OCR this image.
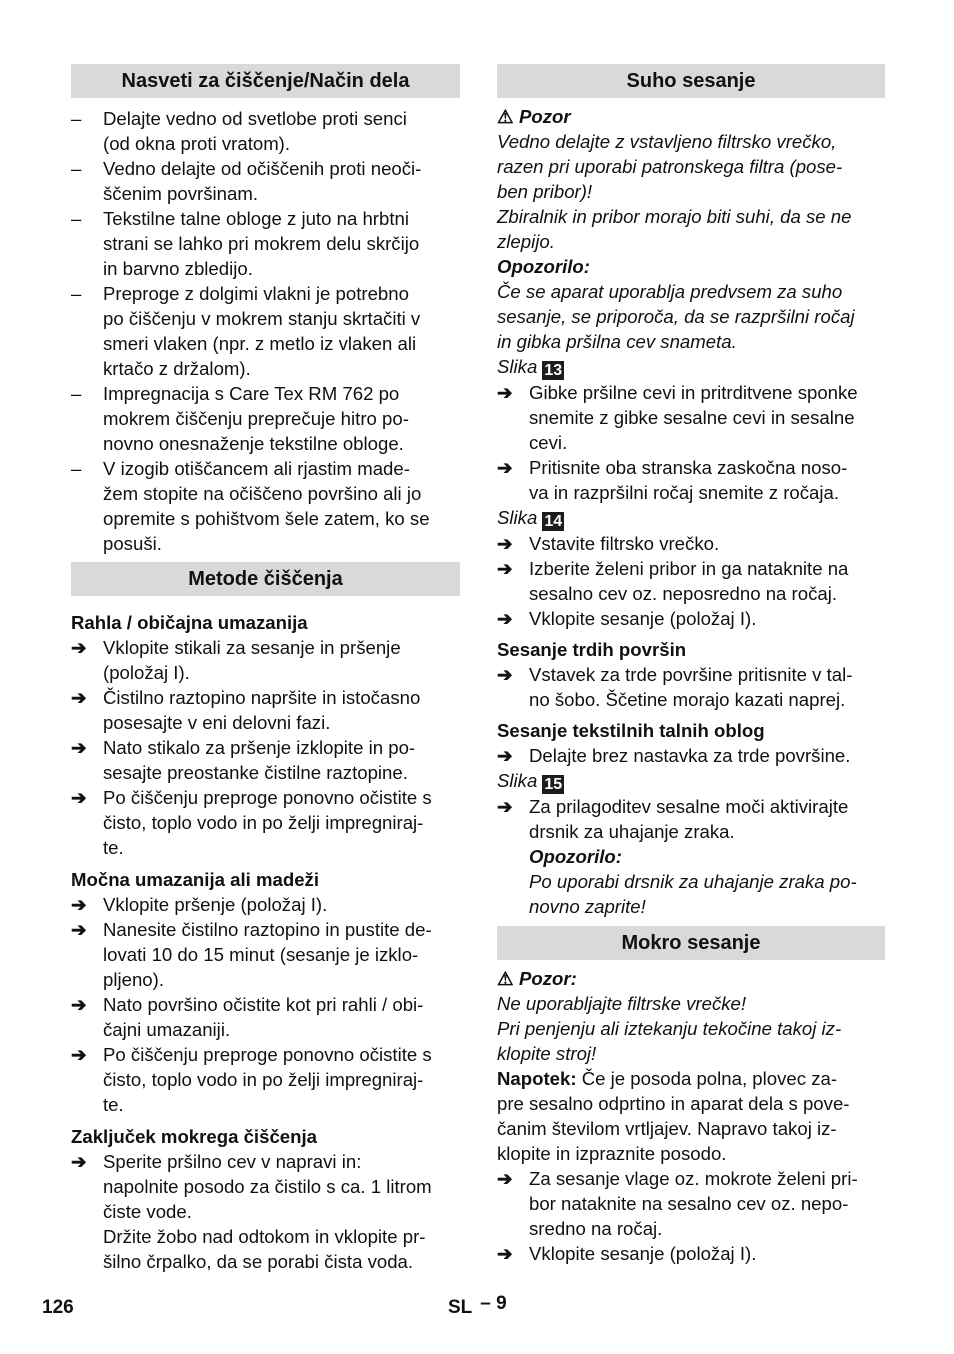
Nasveti za čiščenje/Način dela
– Delajte vedno od svetlobe proti senci
(od okna proti vratom).
– Vedno delajte od očiščenih proti neoči-
ščenim površinam.
– Tekstilne talne obloge z juto na hrbtni
strani se lahko pri mokrem delu skrčijo
in barvno zbledijo.
– Preproge z dolgimi vlakni je potrebno
po čiščenju v mokrem stanju skrtačiti v
smeri vlaken (npr. z metlo iz vlaken ali
krtačo z držalom).
– Impregnacija s Care Tex RM 762 po
mokrem čiščenju preprečuje hitro po-
novno onesnaženje tekstilne obloge.
– V izogib otiščancem ali rjastim made-
žem stopite na očiščeno površino ali jo
opremite s pohištvom šele zatem, ko se
posuši.
Metode čiščenja
Rahla / običajna umazanija
➔ Vklopite stikali za sesanje in pršenje
(položaj I).
➔ Čistilno raztopino napršite in istočasno
posesajte v eni delovni fazi.
➔ Nato stikalo za pršenje izklopite in po-
sesajte preostanke čistilne raztopine.
➔ Po čiščenju preproge ponovno očistite s
čisto, toplo vodo in po želji impregniraj-
te.
Močna umazanija ali madeži
➔ Vklopite pršenje (položaj I).
➔ Nanesite čistilno raztopino in pustite de-
lovati 10 do 15 minut (sesanje je izklo-
pljeno).
➔ Nato površino očistite kot pri rahli / obi-
čajni umazaniji.
➔ Po čiščenju preproge ponovno očistite s
čisto, toplo vodo in po želji impregniraj-
te.
Zaključek mokrega čiščenja
➔ Sperite pršilno cev v napravi in:
napolnite posodo za čistilo s ca. 1 litrom
čiste vode.
Držite žobo nad odtokom in vklopite pr-
šilno črpalko, da se porabi čista voda.
Suho sesanje
⚠ Pozor
Vedno delajte z vstavljeno filtrsko vrečko,
razen pri uporabi patronskega filtra (pose-
ben pribor)!
Zbiralnik in pribor morajo biti suhi, da se ne
zlepijo.
Opozorilo:
Če se aparat uporablja predvsem za suho
sesanje, se priporoča, da se razpršilni ročaj
in gibka pršilna cev snameta.
Slika 13
➔ Gibke pršilne cevi in pritrditvene sponke
snemite z gibke sesalne cevi in sesalne
cevi.
➔ Pritisnite oba stranska zaskočna noso-
va in razpršilni ročaj snemite z ročaja.
Slika 14
➔ Vstavite filtrsko vrečko.
➔ Izberite želeni pribor in ga nataknite na
sesalno cev oz. neposredno na ročaj.
➔ Vklopite sesanje (položaj I).
Sesanje trdih površin
➔ Vstavek za trde površine pritisnite v tal-
no šobo. Ščetine morajo kazati naprej.
Sesanje tekstilnih talnih oblog
➔ Delajte brez nastavka za trde površine.
Slika 15
➔ Za prilagoditev sesalne moči aktivirajte
drsnik za uhajanje zraka.
Opozorilo:
Po uporabi drsnik za uhajanje zraka po-
novno zaprite!
Mokro sesanje
⚠ Pozor:
Ne uporabljajte filtrske vrečke!
Pri penjenju ali iztekanju tekočine takoj iz-
klopite stroj!
Napotek: Če je posoda polna, plovec za-
pre sesalno odprtino in aparat dela s pove-
čanim številom vrtljajev. Napravo takoj iz-
klopite in izpraznite posodo.
➔ Za sesanje vlage oz. mokrote želeni pri-
bor nataknite na sesalno cev oz. nepo-
sredno na ročaj.
➔ Vklopite sesanje (položaj I).
126	SL – 9
